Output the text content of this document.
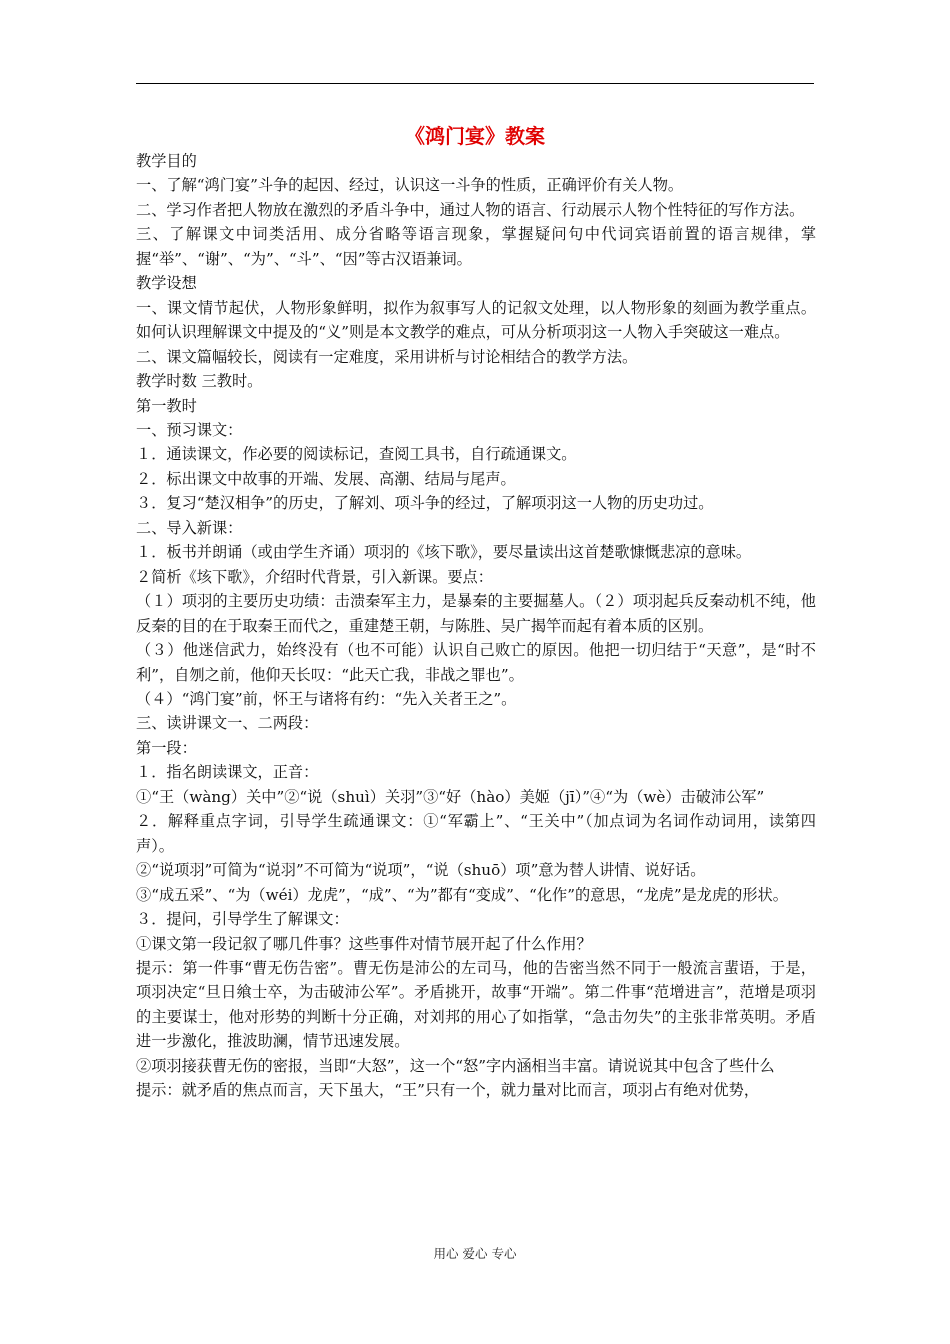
《鸿门宴》教案

教学目的

一、了解“鸿门宴”斗争的起因、经过，认识这一斗争的性质，正确评价有关人物。

二、学习作者把人物放在激烈的矛盾斗争中，通过人物的语言、行动展示人物个性特征的写作方法。

三、了解课文中词类活用、成分省略等语言现象，掌握疑问句中代词宾语前置的语言规律，掌握“举”、“谢”、“为”、“斗”、“因”等古汉语兼词。

教学设想

一、课文情节起伏，人物形象鲜明，拟作为叙事写人的记叙文处理，以人物形象的刻画为教学重点。如何认识理解课文中提及的“义”则是本文教学的难点，可从分析项羽这一人物入手突破这一难点。

二、课文篇幅较长，阅读有一定难度，采用讲析与讨论相结合的教学方法。

教学时数 三教时。

第一教时

一、预习课文：

１．通读课文，作必要的阅读标记，查阅工具书，自行疏通课文。

２．标出课文中故事的开端、发展、高潮、结局与尾声。

３．复习“楚汉相争”的历史，了解刘、项斗争的经过，了解项羽这一人物的历史功过。

二、导入新课：

１．板书并朗诵（或由学生齐诵）项羽的《垓下歌》，要尽量读出这首楚歌慷慨悲凉的意味。

２简析《垓下歌》，介绍时代背景，引入新课。要点：

（１）项羽的主要历史功绩：击溃秦军主力，是暴秦的主要掘墓人。（２）项羽起兵反秦动机不纯，他反秦的目的在于取秦王而代之，重建楚王朝，与陈胜、吴广揭竿而起有着本质的区别。

（３）他迷信武力，始终没有（也不可能）认识自己败亡的原因。他把一切归结于“天意”，是“时不利”，自刎之前，他仰天长叹：“此天亡我，非战之罪也”。

（４）“鸿门宴”前，怀王与诸将有约：“先入关者王之”。

三、读讲课文一、二两段：

第一段：

１．指名朗读课文，正音：

①“王（wàng）关中”②“说（shuì）关羽”③“好（hào）美姬（jī）”④“为（wè）击破沛公军”

２．解释重点字词，引导学生疏通课文：①“军霸上”、“王关中”（加点词为名词作动词用，读第四声）。

②“说项羽”可简为“说羽”不可简为“说项”，“说（shuō）项”意为替人讲情、说好话。

③“成五采”、“为（wéi）龙虎”，“成”、“为”都有“变成”、“化作”的意思，“龙虎”是龙虎的形状。

３．提问，引导学生了解课文：

①课文第一段记叙了哪几件事？这些事件对情节展开起了什么作用？

提示：第一件事“曹无伤告密”。曹无伤是沛公的左司马，他的告密当然不同于一般流言蜚语，于是，项羽决定“旦日飨士卒，为击破沛公军”。矛盾挑开，故事“开端”。第二件事“范增进言”，范增是项羽的主要谋士，他对形势的判断十分正确，对刘邦的用心了如指掌，“急击勿失”的主张非常英明。矛盾进一步激化，推波助澜，情节迅速发展。

②项羽接获曹无伤的密报，当即“大怒”，这一个“怒”字内涵相当丰富。请说说其中包含了些什么

提示：就矛盾的焦点而言，天下虽大，“王”只有一个，就力量对比而言，项羽占有绝对优势，

用心 爱心 专心
